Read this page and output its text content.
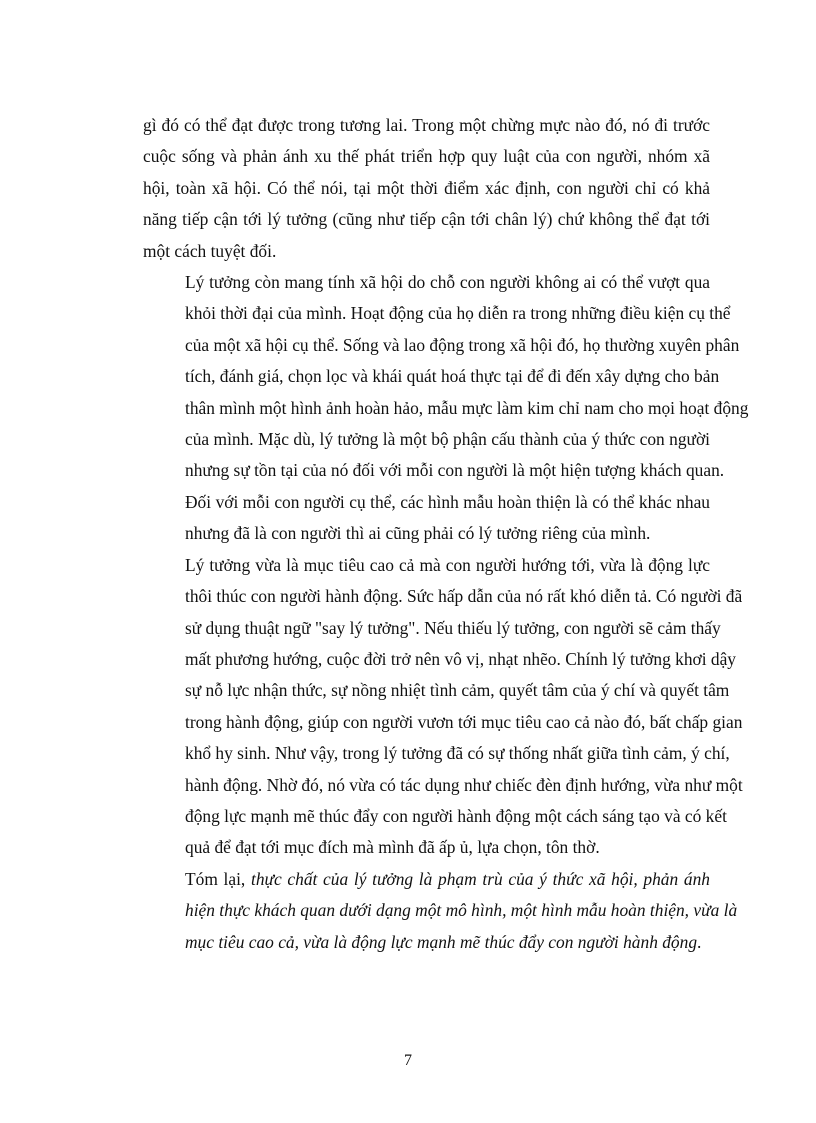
gì đó có thể đạt được trong tương lai. Trong một chừng mực nào đó, nó đi trước
cuộc sống và phản ánh xu thế phát triển hợp quy luật của con người, nhóm xã
hội, toàn xã hội. Có thể nói, tại một thời điểm xác định, con người chỉ có khả
năng tiếp cận tới lý tưởng (cũng như tiếp cận tới chân lý) chứ không thể đạt tới
một cách tuyệt đối.

Lý tưởng còn mang tính xã hội do chỗ con người không ai có thể vượt qua
khỏi thời đại của mình. Hoạt động của họ diễn ra trong những điều kiện cụ thể
của một xã hội cụ thể. Sống và lao động trong xã hội đó, họ thường xuyên phân
tích, đánh giá, chọn lọc và khái quát hoá thực tại để đi đến xây dựng cho bản
thân mình một hình ảnh hoàn hảo, mẫu mực làm kim chỉ nam cho mọi hoạt động
của mình. Mặc dù, lý tưởng là một bộ phận cấu thành của ý thức con người
nhưng sự tồn tại của nó đối với mỗi con người là một hiện tượng khách quan.
Đối với mỗi con người cụ thể, các hình mẫu hoàn thiện là có thể khác nhau
nhưng đã là con người thì ai cũng phải có lý tưởng riêng của mình.

Lý tưởng vừa là mục tiêu cao cả mà con người hướng tới, vừa là động lực
thôi thúc con người hành động. Sức hấp dẫn của nó rất khó diễn tả. Có người đã
sử dụng thuật ngữ "say lý tưởng". Nếu thiếu lý tưởng, con người sẽ cảm thấy
mất phương hướng, cuộc đời trở nên vô vị, nhạt nhẽo. Chính lý tưởng khơi dậy
sự nỗ lực nhận thức, sự nồng nhiệt tình cảm, quyết tâm của ý chí và quyết tâm
trong hành động, giúp con người vươn tới mục tiêu cao cả nào đó, bất chấp gian
khổ hy sinh. Như vậy, trong lý tưởng đã có sự thống nhất giữa tình cảm, ý chí,
hành động. Nhờ đó, nó vừa có tác dụng như chiếc đèn định hướng, vừa như một
động lực mạnh mẽ thúc đẩy con người hành động một cách sáng tạo và có kết
quả để đạt tới mục đích mà mình đã ấp ủ, lựa chọn, tôn thờ.

Tóm lại, thực chất của lý tưởng là phạm trù của ý thức xã hội, phản ánh
hiện thực khách quan dưới dạng một mô hình, một hình mẫu hoàn thiện, vừa là
mục tiêu cao cả, vừa là động lực mạnh mẽ thúc đẩy con người hành động.

7
